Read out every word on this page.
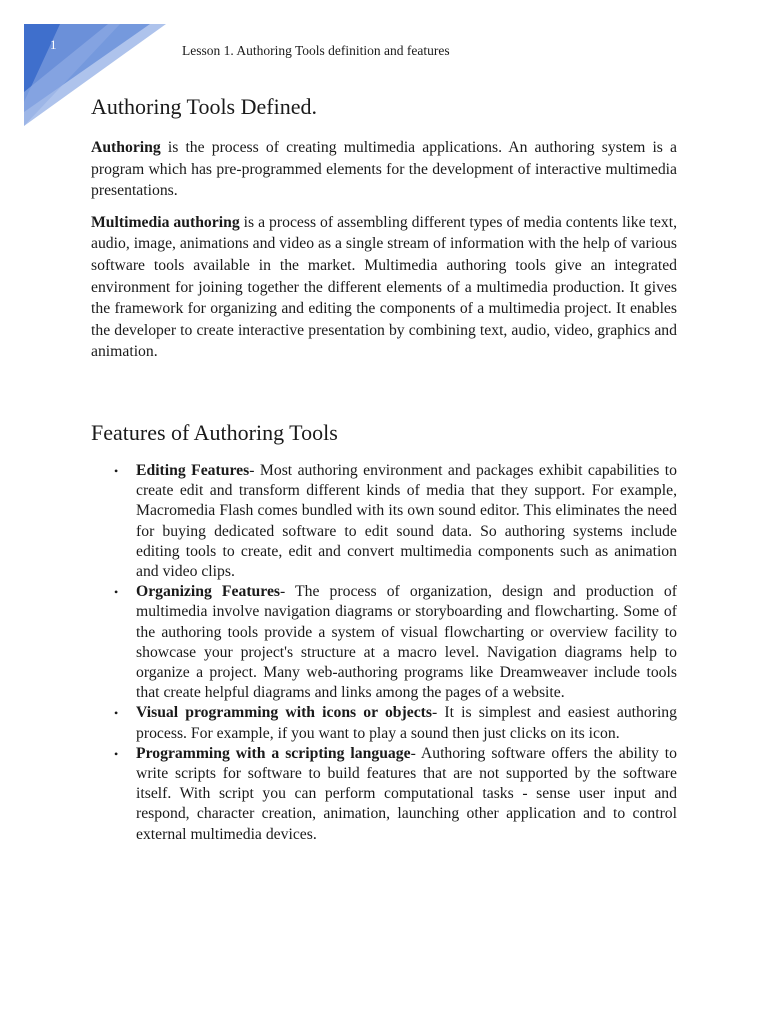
1	Lesson 1. Authoring Tools definition and features
Authoring Tools Defined.

Authoring is the process of creating multimedia applications. An authoring system is a program which has pre-programmed elements for the development of interactive multimedia presentations.

Multimedia authoring is a process of assembling different types of media contents like text, audio, image, animations and video as a single stream of information with the help of various software tools available in the market. Multimedia authoring tools give an integrated environment for joining together the different elements of a multimedia production. It gives the framework for organizing and editing the components of a multimedia project. It enables the developer to create interactive presentation by combining text, audio, video, graphics and animation.

Features of Authoring Tools
• Editing Features- Most authoring environment and packages exhibit capabilities to create edit and transform different kinds of media that they support. For example, Macromedia Flash comes bundled with its own sound editor. This eliminates the need for buying dedicated software to edit sound data. So authoring systems include editing tools to create, edit and convert multimedia components such as animation and video clips.
• Organizing Features- The process of organization, design and production of multimedia involve navigation diagrams or storyboarding and flowcharting. Some of the authoring tools provide a system of visual flowcharting or overview facility to showcase your project's structure at a macro level. Navigation diagrams help to organize a project. Many web-authoring programs like Dreamweaver include tools that create helpful diagrams and links among the pages of a website.
• Visual programming with icons or objects- It is simplest and easiest authoring process. For example, if you want to play a sound then just clicks on its icon.
• Programming with a scripting language- Authoring software offers the ability to write scripts for software to build features that are not supported by the software itself. With script you can perform computational tasks - sense user input and respond, character creation, animation, launching other application and to control external multimedia devices.
